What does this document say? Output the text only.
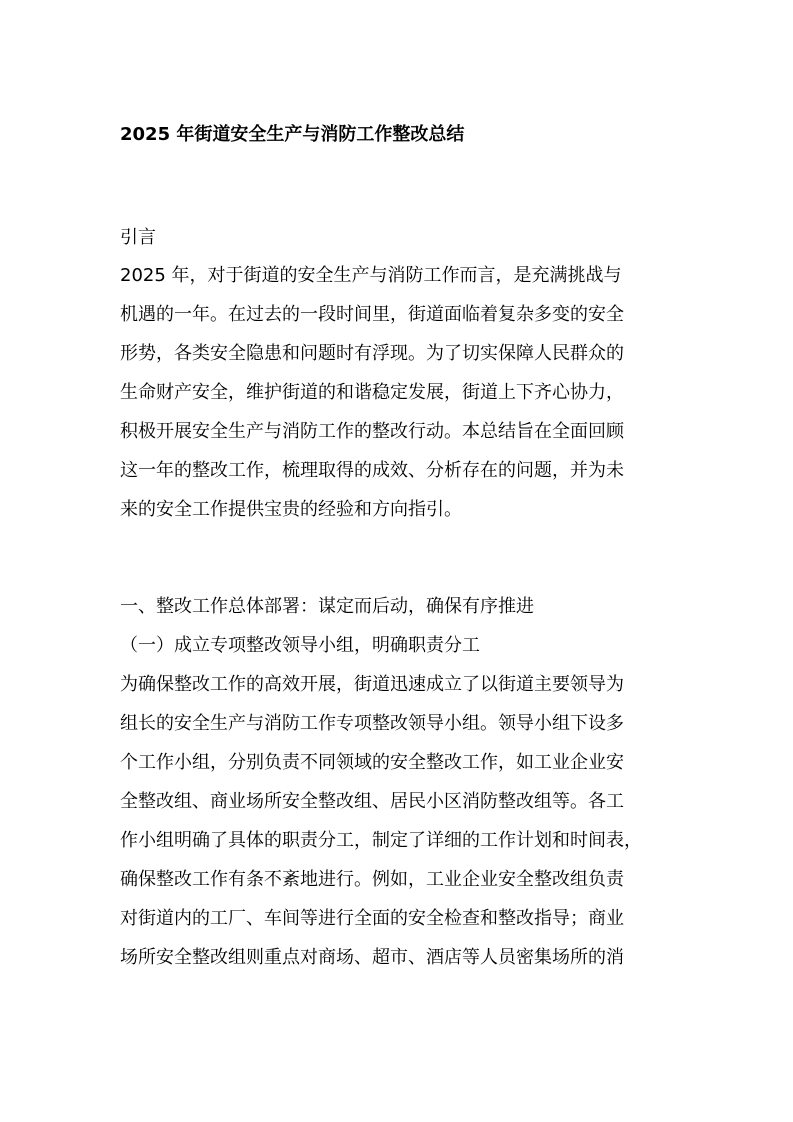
2025 年街道安全生产与消防工作整改总结
引言
2025 年，对于街道的安全生产与消防工作而言，是充满挑战与
机遇的一年。在过去的一段时间里，街道面临着复杂多变的安全
形势，各类安全隐患和问题时有浮现。为了切实保障人民群众的
生命财产安全，维护街道的和谐稳定发展，街道上下齐心协力，
积极开展安全生产与消防工作的整改行动。本总结旨在全面回顾
这一年的整改工作，梳理取得的成效、分析存在的问题，并为未
来的安全工作提供宝贵的经验和方向指引。
一、整改工作总体部署：谋定而后动，确保有序推进
（一）成立专项整改领导小组，明确职责分工
为确保整改工作的高效开展，街道迅速成立了以街道主要领导为
组长的安全生产与消防工作专项整改领导小组。领导小组下设多
个工作小组，分别负责不同领域的安全整改工作，如工业企业安
全整改组、商业场所安全整改组、居民小区消防整改组等。各工
作小组明确了具体的职责分工，制定了详细的工作计划和时间表，
确保整改工作有条不紊地进行。例如，工业企业安全整改组负责
对街道内的工厂、车间等进行全面的安全检查和整改指导；商业
场所安全整改组则重点对商场、超市、酒店等人员密集场所的消
